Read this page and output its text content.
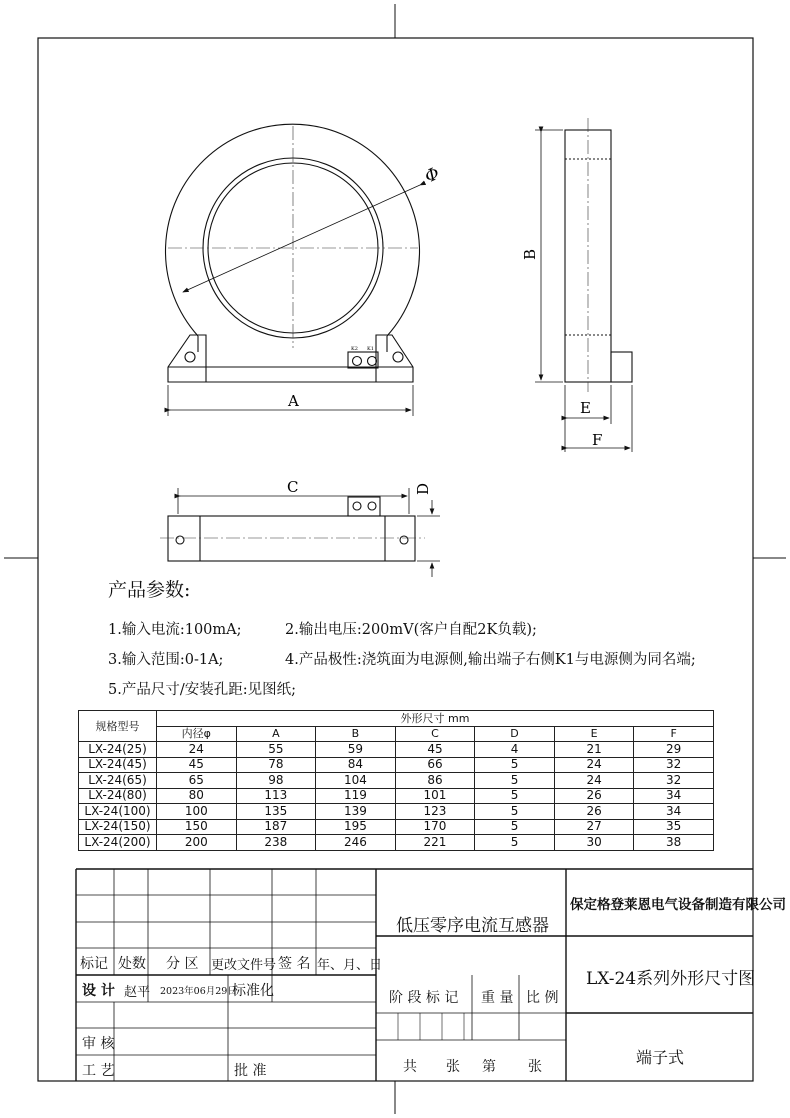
Φ
A
B
C	D
E
F
K2 K1
产品参数:
1.输入电流:100mA;	2.输出电压:200mV(客户自配2K负载);
3.输入范围:0-1A;	4.产品极性:浇筑面为电源侧,输出端子右侧K1与电源侧为同名端;
5.产品尺寸/安装孔距:见图纸;
规格型号	外形尺寸 mm						
	内径φ	A	B	C	D	E	F
LX-24(25)	24	55	59	45	4	21	29
LX-24(45)	45	78	84	66	5	24	32
LX-24(65)	65	98	104	86	5	24	32
LX-24(80)	80	113	119	101	5	26	34
LX-24(100)	100	135	139	123	5	26	34
LX-24(150)	150	187	195	170	5	27	35
LX-24(200)	200	238	246	221	5	30	38
低压零序电流互感器
保定格登莱恩电气设备制造有限公司
LX-24系列外形尺寸图
端子式
标记 处数 分 区 更改文件号 签 名 年、月、日
设 计 赵平 2023年06月29日
标准化
审 核
工 艺	批 准
阶 段 标 记 重 量 比 例
共 张 第 张
